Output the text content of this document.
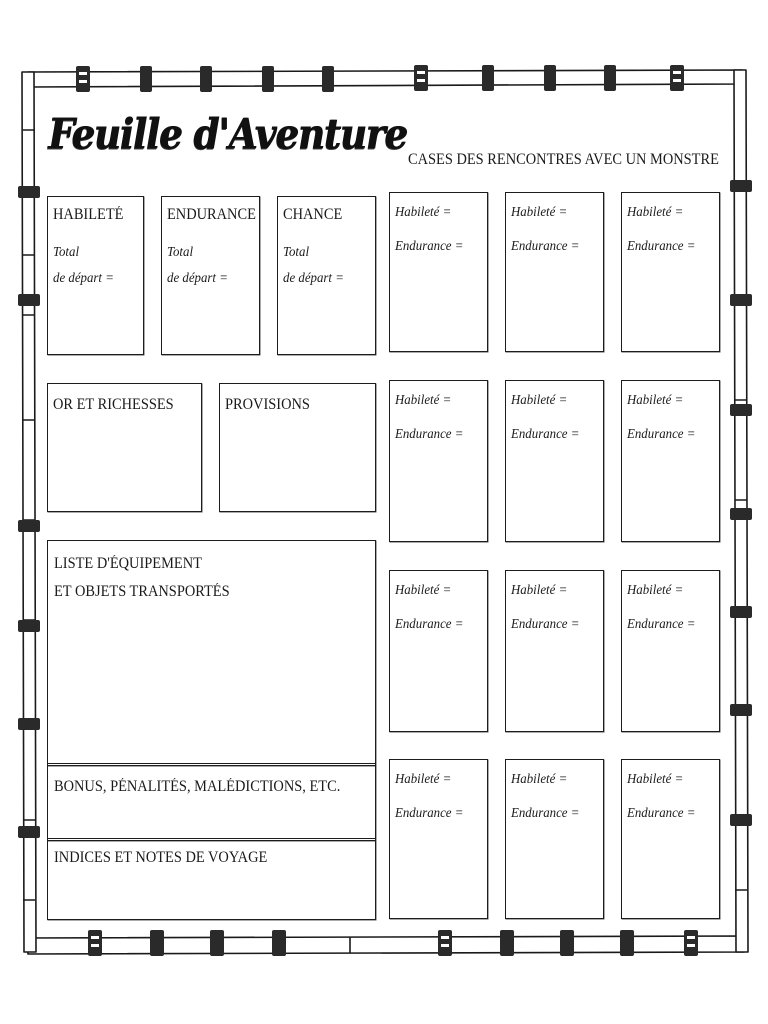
Feuille d'Aventure
CASES DES RENCONTRES AVEC UN MONSTRE
HABILETÉ
Total
de départ =
ENDURANCE
Total
de départ =
CHANCE
Total
de départ =
OR ET RICHESSES	PROVISIONS
LISTE D'ÉQUIPEMENT
ET OBJETS TRANSPORTÉS
BONUS, PÉNALITÉS, MALÉDICTIONS, ETC.
INDICES ET NOTES DE VOYAGE
Habileté =
Endurance =
Habileté =
Endurance =
Habileté =
Endurance =
Habileté =
Endurance =
Habileté =
Endurance =
Habileté =
Endurance =
Habileté =
Endurance =
Habileté =
Endurance =
Habileté =
Endurance =
Habileté =
Endurance =
Habileté =
Endurance =
Habileté =
Endurance =
